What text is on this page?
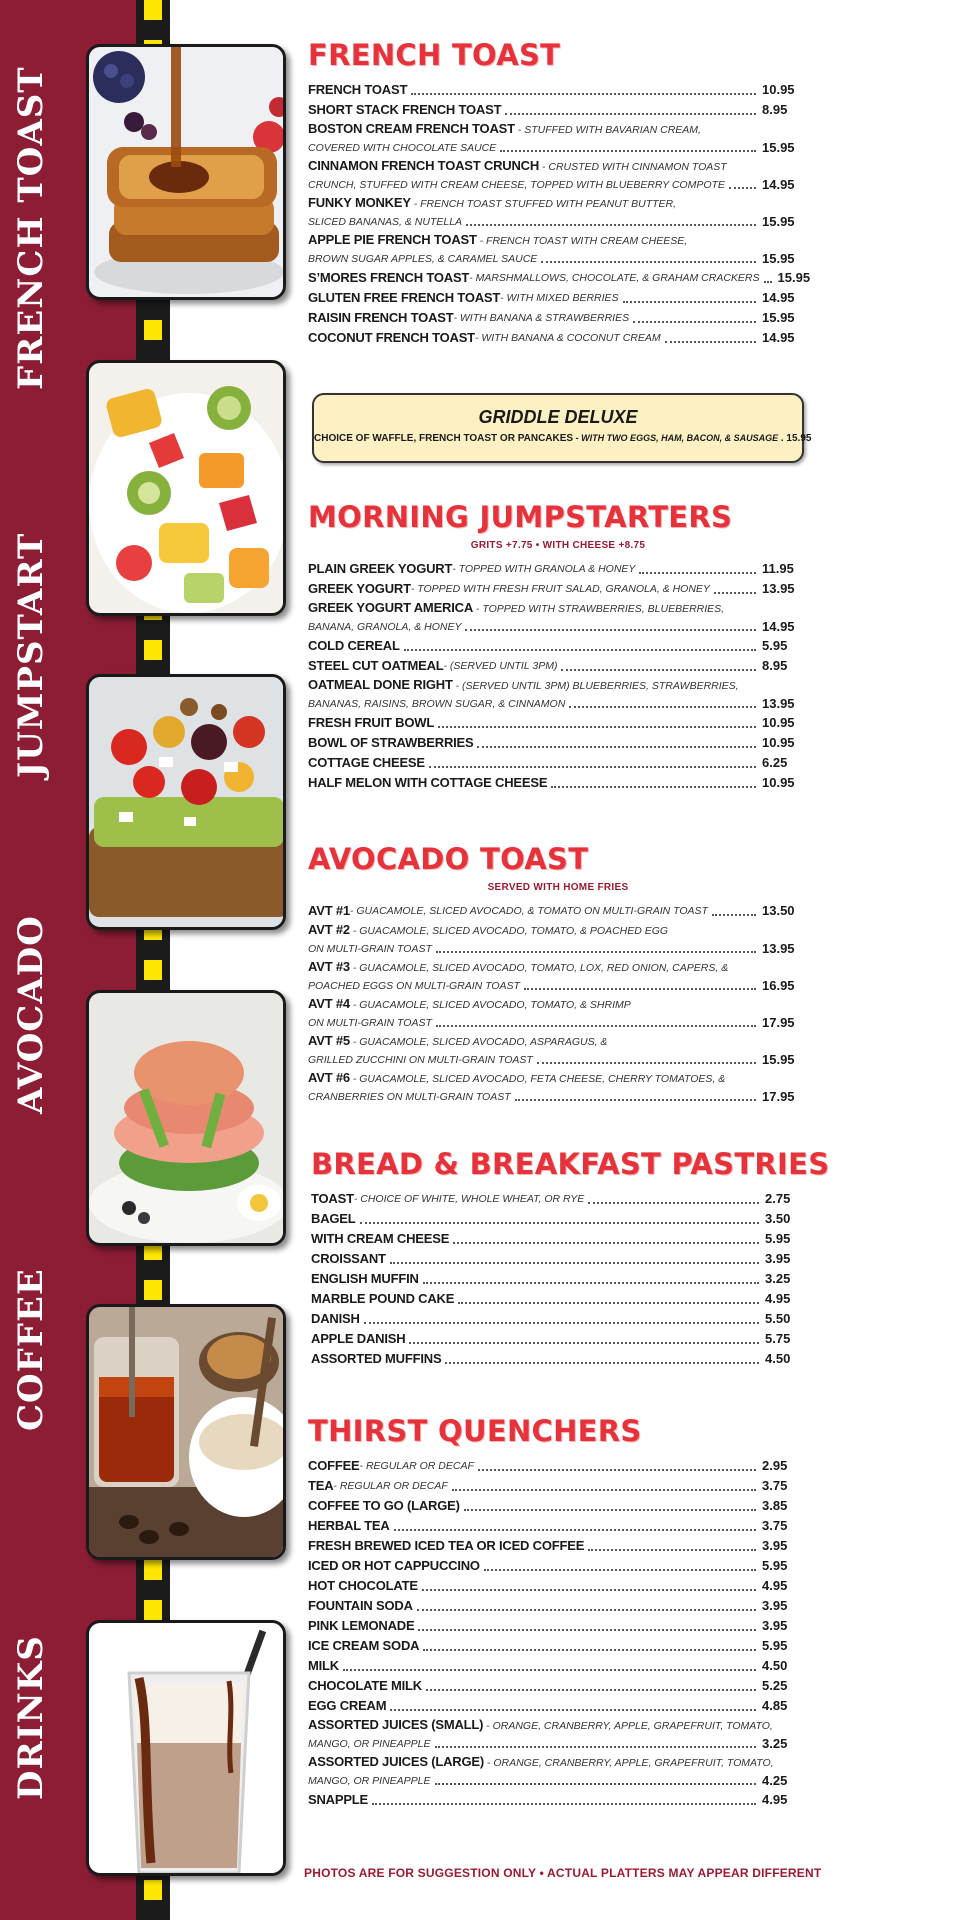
FRENCH TOAST
JUMPSTART
AVOCADO
COFFEE
DRINKS
FRENCH TOAST
FRENCH TOAST	10.95
SHORT STACK FRENCH TOAST	8.95
BOSTON CREAM FRENCH TOAST - STUFFED WITH BAVARIAN CREAM,
COVERED WITH CHOCOLATE SAUCE	15.95
CINNAMON FRENCH TOAST CRUNCH - CRUSTED WITH CINNAMON TOAST
CRUNCH, STUFFED WITH CREAM CHEESE, TOPPED WITH BLUEBERRY COMPOTE	14.95
FUNKY MONKEY - FRENCH TOAST STUFFED WITH PEANUT BUTTER,
SLICED BANANAS, & NUTELLA	15.95
APPLE PIE FRENCH TOAST - FRENCH TOAST WITH CREAM CHEESE,
BROWN SUGAR APPLES, & CARAMEL SAUCE	15.95
S’MORES FRENCH TOAST - MARSHMALLOWS, CHOCOLATE, & GRAHAM CRACKERS 15.95
GLUTEN FREE FRENCH TOAST - WITH MIXED BERRIES	14.95
RAISIN FRENCH TOAST - WITH BANANA & STRAWBERRIES	15.95
COCONUT FRENCH TOAST - WITH BANANA & COCONUT CREAM	14.95
MORNING JUMPSTARTERS
GRITS +7.75 • WITH CHEESE +8.75
PLAIN GREEK YOGURT - TOPPED WITH GRANOLA & HONEY	11.95
GREEK YOGURT - TOPPED WITH FRESH FRUIT SALAD, GRANOLA, & HONEY	13.95
GREEK YOGURT AMERICA - TOPPED WITH STRAWBERRIES, BLUEBERRIES,
BANANA, GRANOLA, & HONEY	14.95
COLD CEREAL	5.95
STEEL CUT OATMEAL - (SERVED UNTIL 3PM)	8.95
OATMEAL DONE RIGHT - (SERVED UNTIL 3PM) BLUEBERRIES, STRAWBERRIES,
BANANAS, RAISINS, BROWN SUGAR, & CINNAMON	13.95
FRESH FRUIT BOWL	10.95
BOWL OF STRAWBERRIES	10.95
COTTAGE CHEESE	6.25
HALF MELON WITH COTTAGE CHEESE	10.95
AVOCADO TOAST
SERVED WITH HOME FRIES
AVT #1 - GUACAMOLE, SLICED AVOCADO, & TOMATO ON MULTI-GRAIN TOAST	13.50
AVT #2 - GUACAMOLE, SLICED AVOCADO, TOMATO, & POACHED EGG
ON MULTI-GRAIN TOAST	13.95
AVT #3 - GUACAMOLE, SLICED AVOCADO, TOMATO, LOX, RED ONION, CAPERS, &
POACHED EGGS ON MULTI-GRAIN TOAST	16.95
AVT #4 - GUACAMOLE, SLICED AVOCADO, TOMATO, & SHRIMP
ON MULTI-GRAIN TOAST	17.95
AVT #5 - GUACAMOLE, SLICED AVOCADO, ASPARAGUS, &
GRILLED ZUCCHINI ON MULTI-GRAIN TOAST	15.95
AVT #6 - GUACAMOLE, SLICED AVOCADO, FETA CHEESE, CHERRY TOMATOES, &
CRANBERRIES ON MULTI-GRAIN TOAST	17.95
BREAD & BREAKFAST PASTRIES
TOAST - CHOICE OF WHITE, WHOLE WHEAT, OR RYE	2.75
BAGEL	3.50
WITH CREAM CHEESE	5.95
CROISSANT	3.95
ENGLISH MUFFIN	3.25
MARBLE POUND CAKE	4.95
DANISH	5.50
APPLE DANISH	5.75
ASSORTED MUFFINS	4.50
THIRST QUENCHERS
COFFEE - REGULAR OR DECAF	2.95
TEA - REGULAR OR DECAF	3.75
COFFEE TO GO (LARGE)	3.85
HERBAL TEA	3.75
FRESH BREWED ICED TEA OR ICED COFFEE	3.95
ICED OR HOT CAPPUCCINO	5.95
HOT CHOCOLATE	4.95
FOUNTAIN SODA	3.95
PINK LEMONADE	3.95
ICE CREAM SODA	5.95
MILK	4.50
CHOCOLATE MILK	5.25
EGG CREAM	4.85
ASSORTED JUICES (SMALL) - ORANGE, CRANBERRY, APPLE, GRAPEFRUIT, TOMATO,
MANGO, OR PINEAPPLE	3.25
ASSORTED JUICES (LARGE) - ORANGE, CRANBERRY, APPLE, GRAPEFRUIT, TOMATO,
MANGO, OR PINEAPPLE	4.25
SNAPPLE	4.95
GRIDDLE DELUXE
CHOICE OF WAFFLE, FRENCH TOAST OR PANCAKES - WITH TWO EGGS, HAM, BACON, & SAUSAGE . 15.95
PHOTOS ARE FOR SUGGESTION ONLY • ACTUAL PLATTERS MAY APPEAR DIFFERENT
